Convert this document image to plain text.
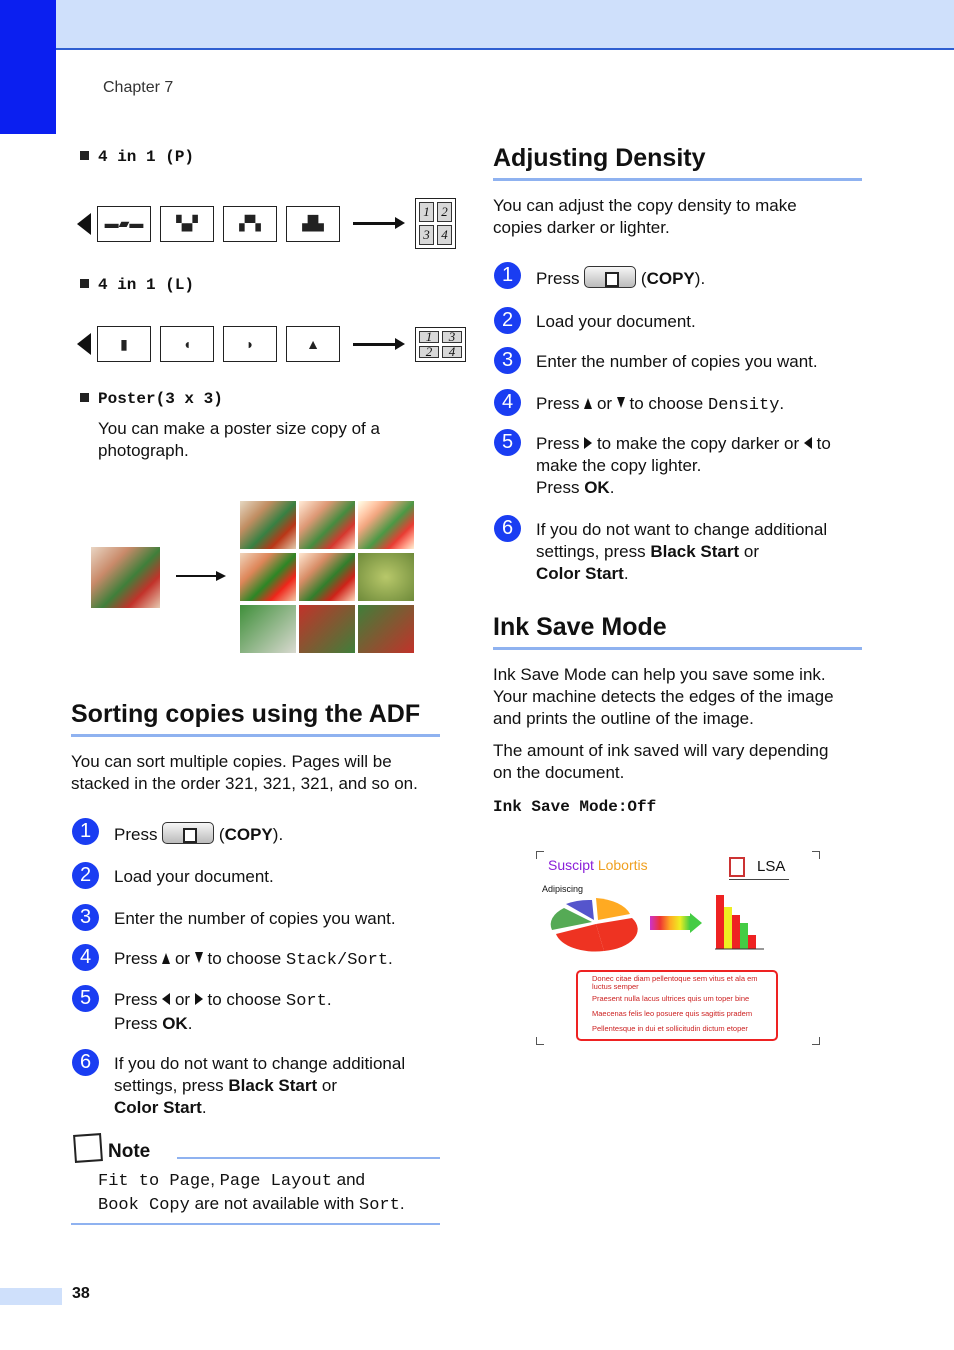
Chapter 7
4 in 1 (P)
▬▰▬	▚▞	▞▚	▟▙
1 2
3 4
4 in 1 (L)
▮	◖	◗	▲	1	3
2	4
Poster(3 x 3)
You can make a poster size copy of a
photograph.
Sorting copies using the ADF
You can sort multiple copies. Pages will be
stacked in the order 321, 321, 321, and so on.
1	Press	(COPY).
2	Load your document.
3	Enter the number of copies you want.
4	Press or to choose Stack/Sort.
5	Press or to choose Sort.
Press OK.
6	If you do not want to change additional
settings, press Black Start or
Color Start.
Note
Fit to Page, Page Layout and
Book Copy are not available with Sort.
Adjusting Density
You can adjust the copy density to make
copies darker or lighter.
1	Press	(COPY).
2	Load your document.
3	Enter the number of copies you want.
4	Press or to choose Density.
5	Press to make the copy darker or to
make the copy lighter.
Press OK.
6	If you do not want to change additional
settings, press Black Start or
Color Start.
Ink Save Mode
Ink Save Mode can help you save some ink.
Your machine detects the edges of the image
and prints the outline of the image.
The amount of ink saved will vary depending
on the document.
Ink Save Mode:Off
Suscipt Lobortis	LSA
Adipiscing
Donec citae diam pellentoque sem vitus et ala em luctus semper
Praesent nulla lacus ultrices quis um toper bine
Maecenas felis leo posuere quis sagittis pradem
Pellentesque in dui et sollicitudin dictum etoper
38
